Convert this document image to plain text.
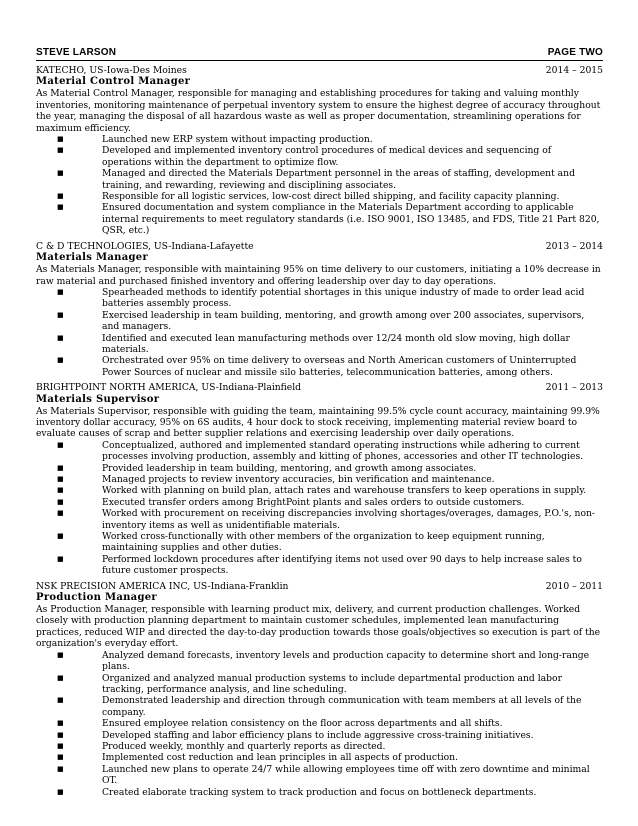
STEVE LARSON	PAGE TWO
KATECHO, US-Iowa-Des Moines	2014 – 2015
Material Control Manager

As Material Control Manager, responsible for managing and establishing procedures for taking and valuing monthly inventories, monitoring maintenance of perpetual inventory system to ensure the highest degree of accuracy throughout the year, managing the disposal of all hazardous waste as well as proper documentation, streamlining operations for maximum efficiency.

■	Launched new ERP system without impacting production.
■	Developed and implemented inventory control procedures of medical devices and sequencing of operations within the department to optimize flow.
■	Managed and directed the Materials Department personnel in the areas of staffing, development and training, and rewarding, reviewing and disciplining associates.
■	Responsible for all logistic services, low-cost direct billed shipping, and facility capacity planning.
■	Ensured documentation and system compliance in the Materials Department according to applicable internal requirements to meet regulatory standards (i.e. ISO 9001, ISO 13485, and FDS, Title 21 Part 820, QSR, etc.)
C & D TECHNOLOGIES, US-Indiana-Lafayette	2013 – 2014
Materials Manager

As Materials Manager, responsible with maintaining 95% on time delivery to our customers, initiating a 10% decrease in raw material and purchased finished inventory and offering leadership over day to day operations.

■	Spearheaded methods to identify potential shortages in this unique industry of made to order lead acid batteries assembly process.
■	Exercised leadership in team building, mentoring, and growth among over 200 associates, supervisors, and managers.
■	Identified and executed lean manufacturing methods over 12/24 month old slow moving, high dollar materials.
■	Orchestrated over 95% on time delivery to overseas and North American customers of Uninterrupted Power Sources of nuclear and missile silo batteries, telecommunication batteries, among others.
BRIGHTPOINT NORTH AMERICA, US-Indiana-Plainfield	2011 – 2013
Materials Supervisor

As Materials Supervisor, responsible with guiding the team, maintaining 99.5% cycle count accuracy, maintaining 99.9% inventory dollar accuracy, 95% on 6S audits, 4 hour dock to stock receiving, implementing material review board to evaluate causes of scrap and better supplier relations and exercising leadership over daily operations.

■	Conceptualized, authored and implemented standard operating instructions while adhering to current processes involving production, assembly and kitting of phones, accessories and other IT technologies.
■	Provided leadership in team building, mentoring, and growth among associates.
■	Managed projects to review inventory accuracies, bin verification and maintenance.
■	Worked with planning on build plan, attach rates and warehouse transfers to keep operations in supply.
■	Executed transfer orders among BrightPoint plants and sales orders to outside customers.
■	Worked with procurement on receiving discrepancies involving shortages/overages, damages, P.O.'s, non-inventory items as well as unidentifiable materials.
■	Worked cross-functionally with other members of the organization to keep equipment running, maintaining supplies and other duties.
■	Performed lockdown procedures after identifying items not used over 90 days to help increase sales to future customer prospects.
NSK PRECISION AMERICA INC, US-Indiana-Franklin	2010 – 2011
Production Manager

As Production Manager, responsible with learning product mix, delivery, and current production challenges. Worked closely with production planning department to maintain customer schedules, implemented lean manufacturing practices, reduced WIP and directed the day-to-day production towards those goals/objectives so execution is part of the organization's everyday effort.

■	Analyzed demand forecasts, inventory levels and production capacity to determine short and long-range plans.
■	Organized and analyzed manual production systems to include departmental production and labor tracking, performance analysis, and line scheduling.
■	Demonstrated leadership and direction through communication with team members at all levels of the company.
■	Ensured employee relation consistency on the floor across departments and all shifts.
■	Developed staffing and labor efficiency plans to include aggressive cross-training initiatives.
■	Produced weekly, monthly and quarterly reports as directed.
■	Implemented cost reduction and lean principles in all aspects of production.
■	Launched new plans to operate 24/7 while allowing employees time off with zero downtime and minimal OT.
■	Created elaborate tracking system to track production and focus on bottleneck departments.
